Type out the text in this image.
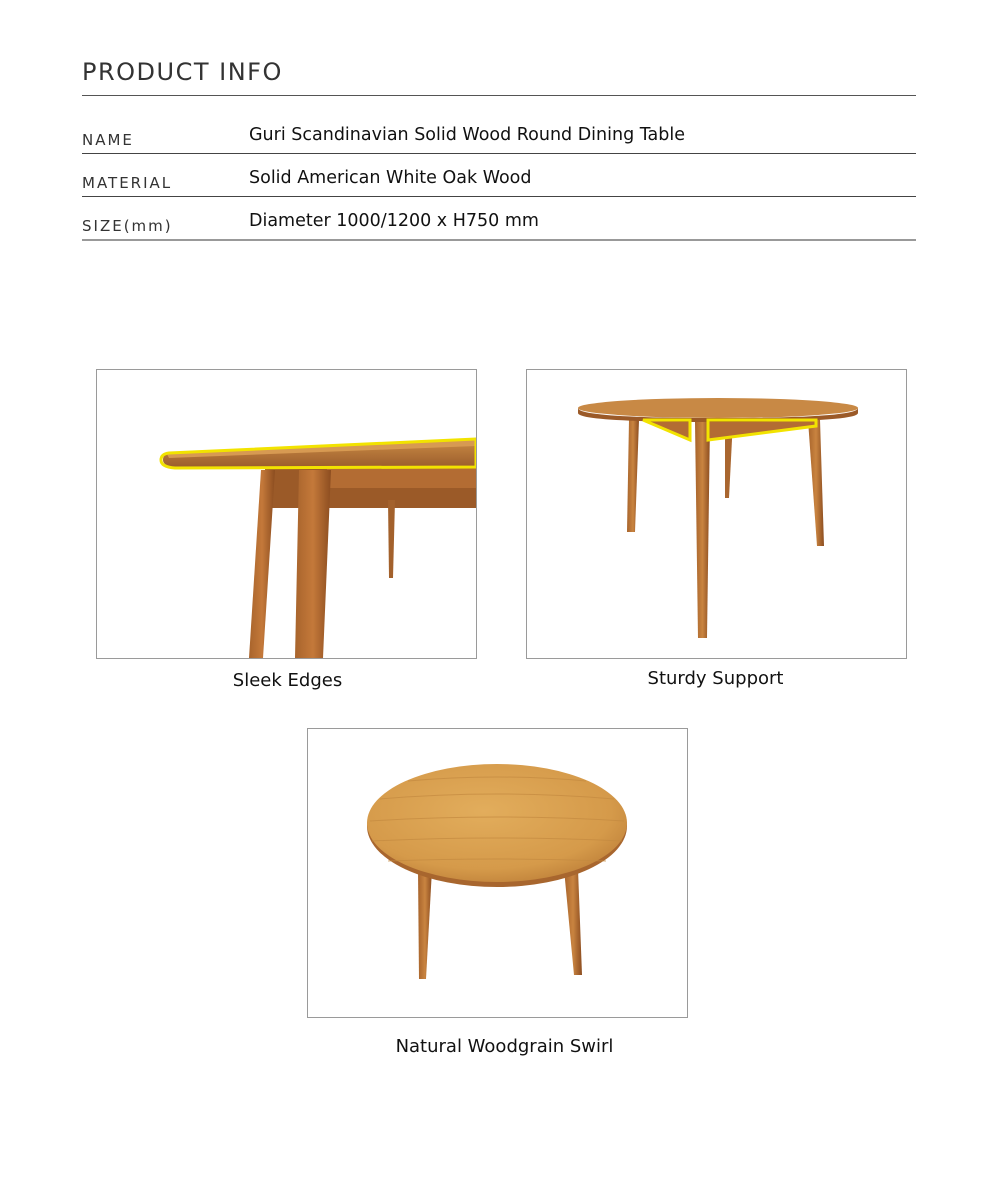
PRODUCT INFO
NAME	Guri Scandinavian Solid Wood Round Dining Table
MATERIAL	Solid American White Oak Wood
SIZE(mm)	Diameter 1000/1200 x H750 mm
Sleek Edges	Sturdy Support
Natural Woodgrain Swirl
